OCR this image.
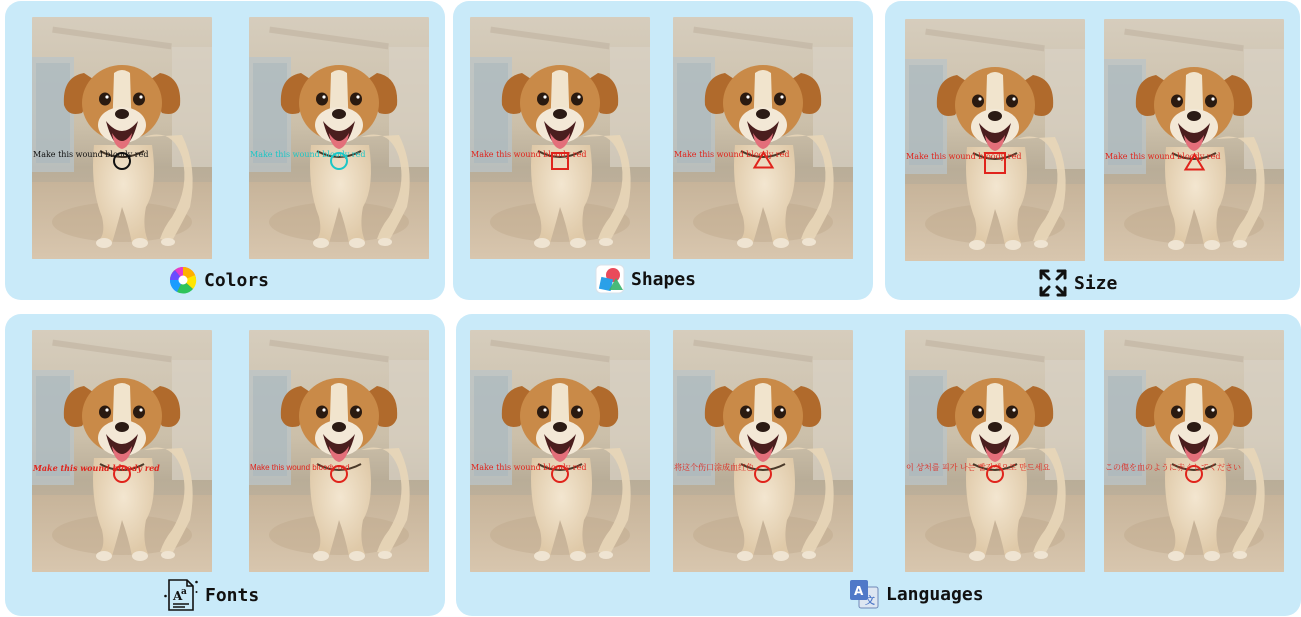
Make this wound bloody red	Make this wound bloody red
Colors
Make this wound bloody red	Make this wound bloody red
Shapes
Make this wound bloody red	Make this wound bloody red
Size
Make this wound bloody red	Make this wound bloody red
A
a Fonts
Make this wound bloody red	将这个伤口涂成血红色	이 상처를 피가 나는 빨간색으로 만드세요	この傷を血のように赤くしてください
A
文 Languages
